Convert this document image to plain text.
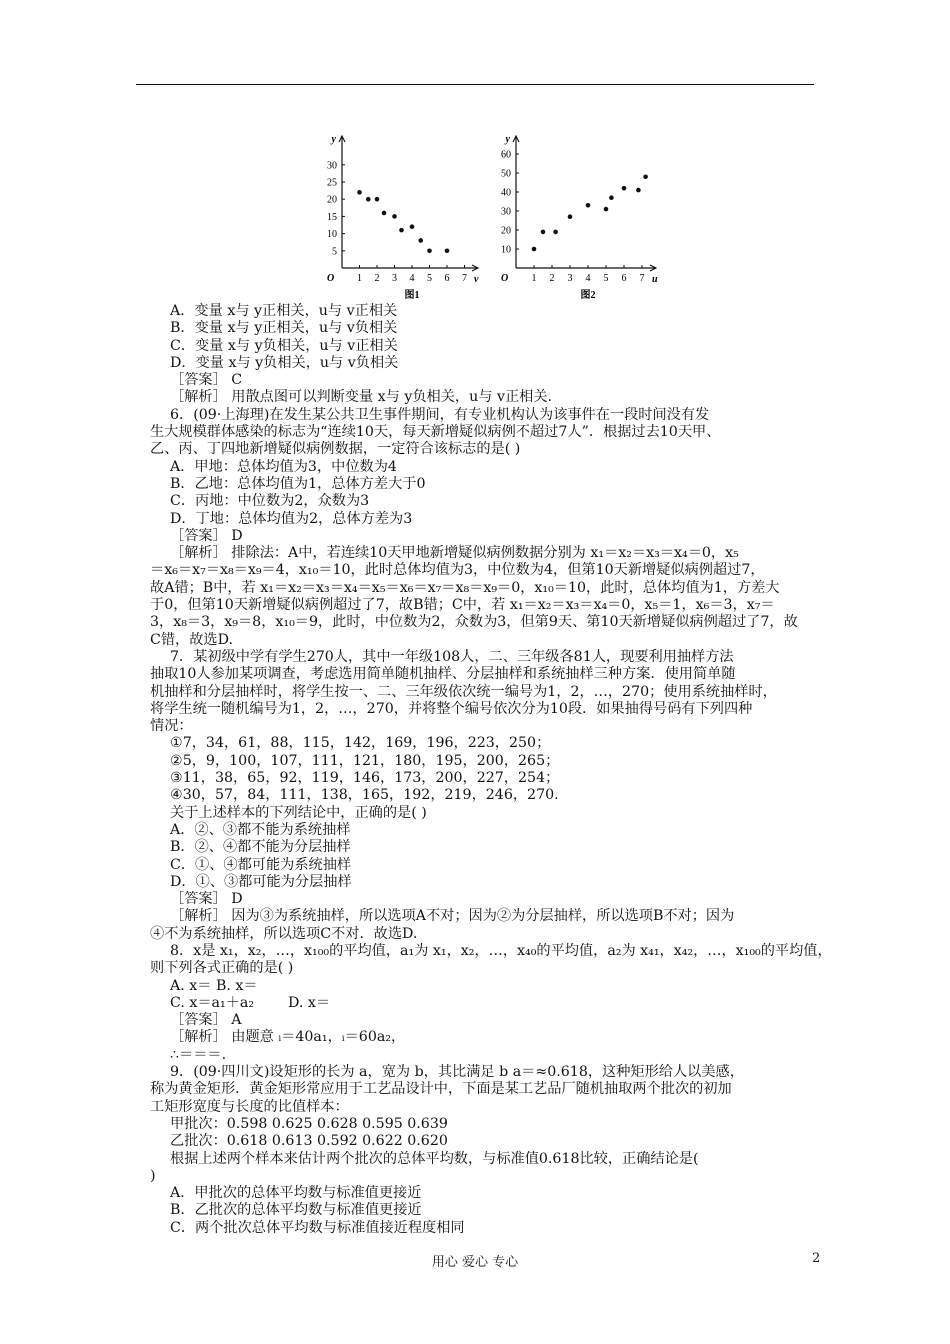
y
v
O
5
10
15
20
25
30
1 2 3 4 5 6 7
图1
y
u
O
10
20
30
40
50
60
1 2 3 4 5 6 7
图2
A．变量 x与 y正相关，u与 v正相关
B．变量 x与 y正相关，u与 v负相关
C．变量 x与 y负相关，u与 v正相关
D．变量 x与 y负相关，u与 v负相关
［答案］ C
［解析］ 用散点图可以判断变量 x与 y负相关，u与 v正相关.
6．(09·上海理)在发生某公共卫生事件期间，有专业机构认为该事件在一段时间没有发
生大规模群体感染的标志为“连续10天，每天新增疑似病例不超过7人”．根据过去10天甲、
乙、丙、丁四地新增疑似病例数据，一定符合该标志的是( )
A．甲地：总体均值为3，中位数为4
B．乙地：总体均值为1，总体方差大于0
C．丙地：中位数为2，众数为3
D．丁地：总体均值为2，总体方差为3
［答案］ D
［解析］ 排除法：A中，若连续10天甲地新增疑似病例数据分别为 x₁＝x₂＝x₃＝x₄＝0，x₅
＝x₆＝x₇＝x₈＝x₉＝4，x₁₀＝10，此时总体均值为3，中位数为4，但第10天新增疑似病例超过7，
故A错；B中，若 x₁＝x₂＝x₃＝x₄＝x₅＝x₆＝x₇＝x₈＝x₉＝0，x₁₀＝10，此时，总体均值为1，方差大
于0，但第10天新增疑似病例超过了7，故B错；C中，若 x₁＝x₂＝x₃＝x₄＝0，x₅＝1，x₆＝3，x₇＝
3，x₈＝3，x₉＝8，x₁₀＝9，此时，中位数为2，众数为3，但第9天、第10天新增疑似病例超过了7，故
C错，故选D.
7．某初级中学有学生270人，其中一年级108人，二、三年级各81人，现要利用抽样方法
抽取10人参加某项调查，考虑选用简单随机抽样、分层抽样和系统抽样三种方案．使用简单随
机抽样和分层抽样时，将学生按一、二、三年级依次统一编号为1，2，…，270；使用系统抽样时，
将学生统一随机编号为1，2，…，270，并将整个编号依次分为10段．如果抽得号码有下列四种
情况：
①7，34，61，88，115，142，169，196，223，250；
②5，9，100，107，111，121，180，195，200，265；
③11，38，65，92，119，146，173，200，227，254；
④30，57，84，111，138，165，192，219，246，270.
关于上述样本的下列结论中，正确的是( )
A．②、③都不能为系统抽样
B．②、④都不能为分层抽样
C．①、④都可能为系统抽样
D．①、③都可能为分层抽样
［答案］ D
［解析］ 因为③为系统抽样，所以选项A不对；因为②为分层抽样，所以选项B不对；因为
④不为系统抽样，所以选项C不对．故选D.
8．x是 x₁，x₂，…，x₁₀₀的平均值，a₁为 x₁，x₂，…，x₄₀的平均值，a₂为 x₄₁，x₄₂，…，x₁₀₀的平均值，
则下列各式正确的是( )
A. x＝ B. x＝
C. x＝a₁＋a₂ D. x＝
［答案］ A
［解析］ 由题意 ᵢ＝40a₁，ᵢ＝60a₂，
∴＝＝＝.
9．(09·四川文)设矩形的长为 a，宽为 b，其比满足 b a＝≈0.618，这种矩形给人以美感，
称为黄金矩形．黄金矩形常应用于工艺品设计中，下面是某工艺品厂随机抽取两个批次的初加
工矩形宽度与长度的比值样本：
甲批次：0.598 0.625 0.628 0.595 0.639
乙批次：0.618 0.613 0.592 0.622 0.620
根据上述两个样本来估计两个批次的总体平均数，与标准值0.618比较，正确结论是(
)
A．甲批次的总体平均数与标准值更接近
B．乙批次的总体平均数与标准值更接近
C．两个批次总体平均数与标准值接近程度相同
用心 爱心 专心	2
